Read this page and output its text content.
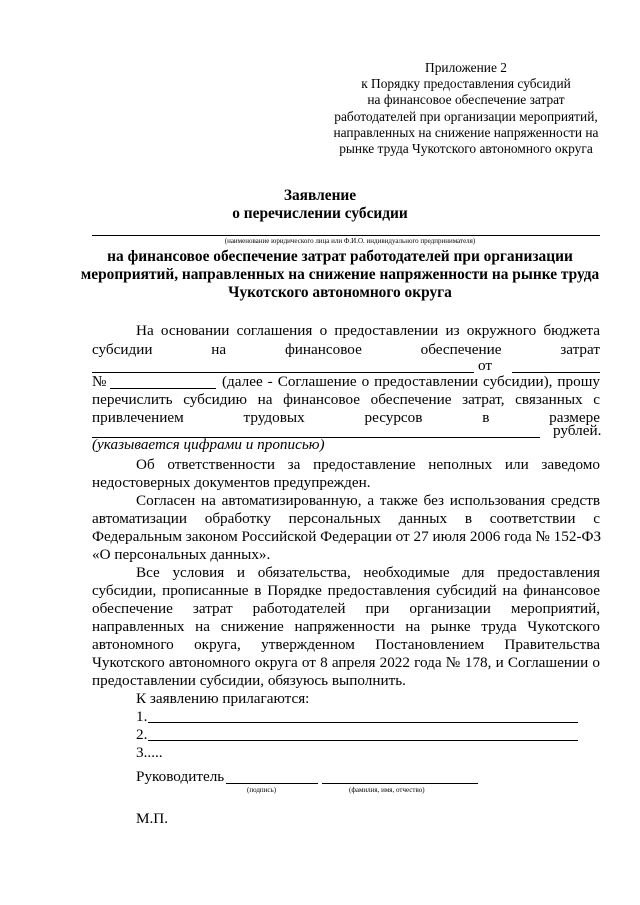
Приложение 2
к Порядку предоставления субсидий
на финансовое обеспечение затрат
работодателей при организации мероприятий,
направленных на снижение напряженности на
рынке труда Чукотского автономного округа
Заявление
о перечислении субсидии
(наименование юридического лица или Ф.И.О. индивидуального предпринимателя)
на финансовое обеспечение затрат работодателей при организации
мероприятий, направленных на снижение напряженности на рынке труда
Чукотского автономного округа
На основании соглашения о предоставлении из окружного бюджета
субсидии на финансовое обеспечение затрат
от
№	(далее - Соглашение о предоставлении субсидии), прошу
перечислить субсидию на финансовое обеспечение затрат, связанных с
привлечением трудовых ресурсов в размере
рублей.
(указывается цифрами и прописью)
Об ответственности за предоставление неполных или заведомо
недостоверных документов предупрежден.
Согласен на автоматизированную, а также без использования средств
автоматизации обработку персональных данных в соответствии с
Федеральным законом Российской Федерации от 27 июля 2006 года № 152-ФЗ
«О персональных данных».
Все условия и обязательства, необходимые для предоставления
субсидии, прописанные в Порядке предоставления субсидий на финансовое
обеспечение затрат работодателей при организации мероприятий,
направленных на снижение напряженности на рынке труда Чукотского
автономного округа, утвержденном Постановлением Правительства
Чукотского автономного округа от 8 апреля 2022 года № 178, и Соглашении о
предоставлении субсидии, обязуюсь выполнить.
К заявлению прилагаются:
1.
2.
3.....
Руководитель
(подпись)	(фамилия, имя, отчество)
М.П.
